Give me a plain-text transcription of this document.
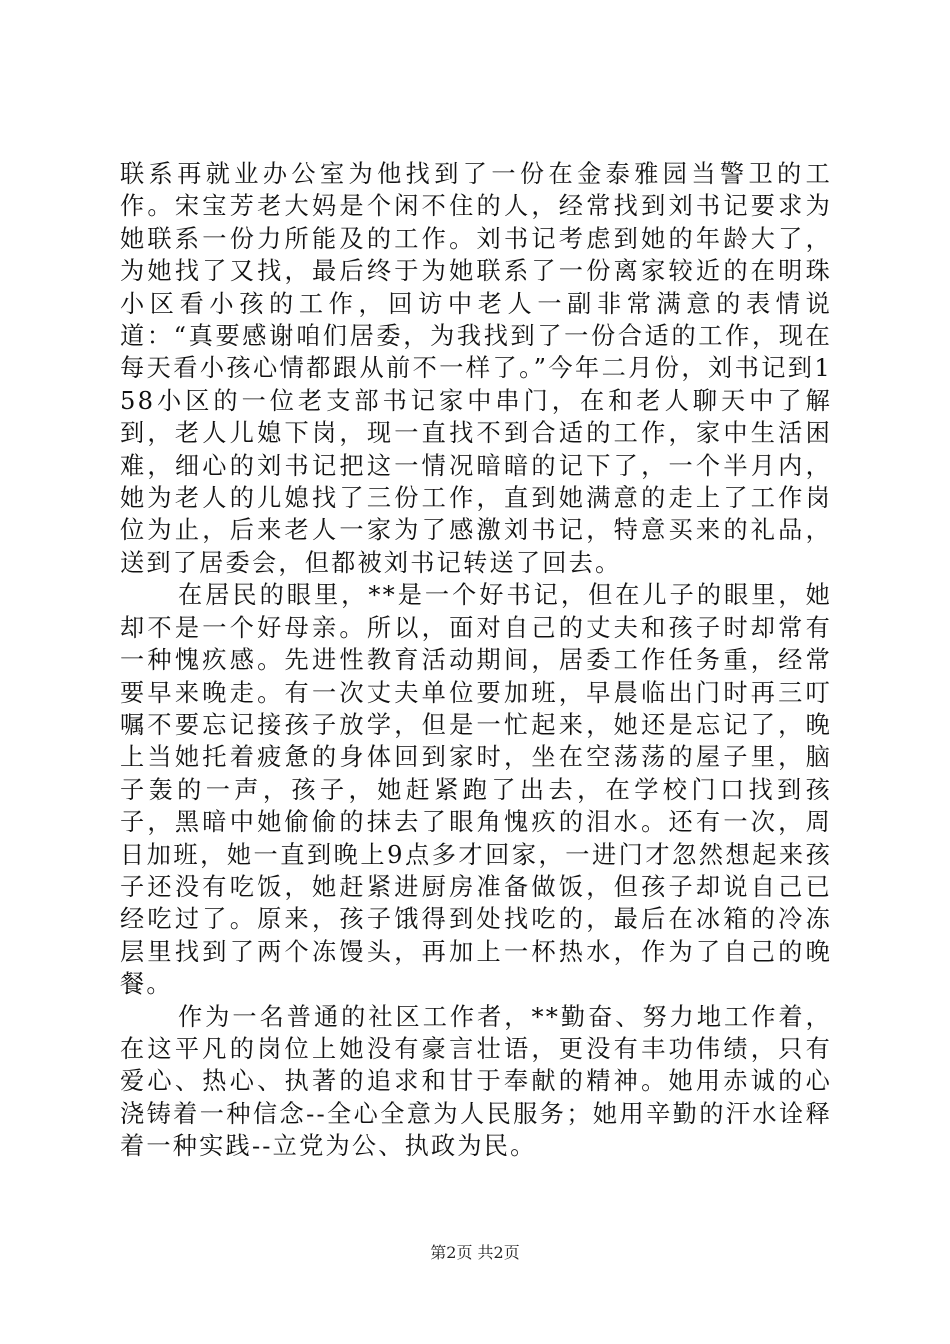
联系再就业办公室为他找到了一份在金泰雅园当警卫的工作。宋宝芳老大妈是个闲不住的人，经常找到刘书记要求为她联系一份力所能及的工作。刘书记考虑到她的年龄大了，为她找了又找，最后终于为她联系了一份离家较近的在明珠小区看小孩的工作，回访中老人一副非常满意的表情说道：“真要感谢咱们居委，为我找到了一份合适的工作，现在每天看小孩心情都跟从前不一样了。”今年二月份，刘书记到158小区的一位老支部书记家中串门，在和老人聊天中了解到，老人儿媳下岗，现一直找不到合适的工作，家中生活困难，细心的刘书记把这一情况暗暗的记下了，一个半月内，她为老人的儿媳找了三份工作，直到她满意的走上了工作岗位为止，后来老人一家为了感激刘书记，特意买来的礼品，送到了居委会，但都被刘书记转送了回去。

在居民的眼里，**是一个好书记，但在儿子的眼里，她却不是一个好母亲。所以，面对自己的丈夫和孩子时却常有一种愧疚感。先进性教育活动期间，居委工作任务重，经常要早来晚走。有一次丈夫单位要加班，早晨临出门时再三叮嘱不要忘记接孩子放学，但是一忙起来，她还是忘记了，晚上当她托着疲惫的身体回到家时，坐在空荡荡的屋子里，脑子轰的一声，孩子，她赶紧跑了出去，在学校门口找到孩子，黑暗中她偷偷的抹去了眼角愧疚的泪水。还有一次，周日加班，她一直到晚上9点多才回家，一进门才忽然想起来孩子还没有吃饭，她赶紧进厨房准备做饭，但孩子却说自己已经吃过了。原来，孩子饿得到处找吃的，最后在冰箱的冷冻层里找到了两个冻馒头，再加上一杯热水，作为了自己的晚餐。

作为一名普通的社区工作者，**勤奋、努力地工作着，在这平凡的岗位上她没有豪言壮语，更没有丰功伟绩，只有爱心、热心、执著的追求和甘于奉献的精神。她用赤诚的心浇铸着一种信念--全心全意为人民服务；她用辛勤的汗水诠释着一种实践--立党为公、执政为民。

第2页 共2页
